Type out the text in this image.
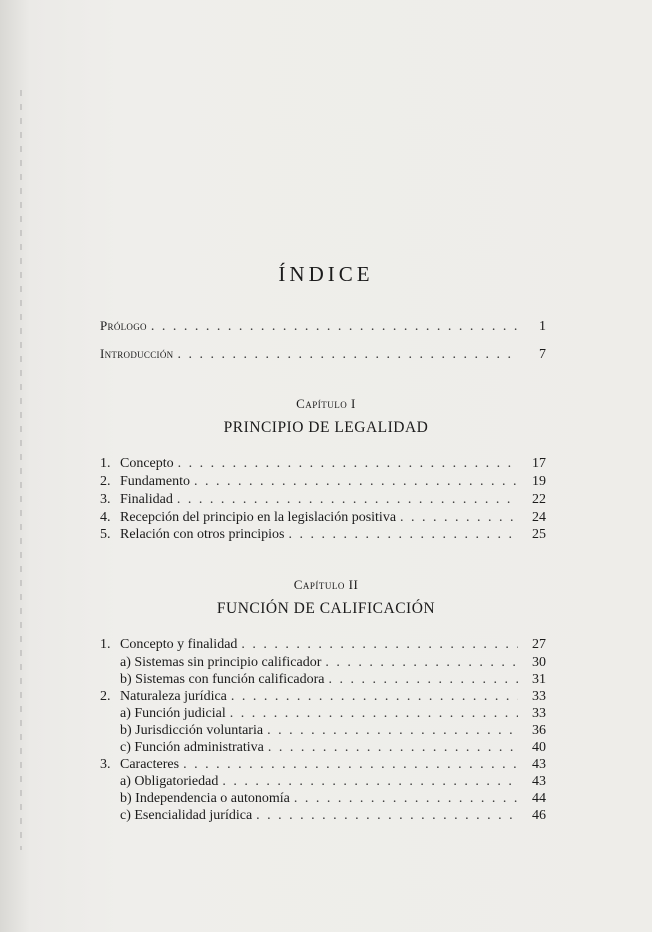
ÍNDICE
Prólogo . . .	1
Introducción . . .	7
Capítulo I
PRINCIPIO DE LEGALIDAD
1. Concepto . . .	17
2. Fundamento . . .	19
3. Finalidad . . .	22
4. Recepción del principio en la legislación positiva . . .	24
5. Relación con otros principios . . .	25
Capítulo II
FUNCIÓN DE CALIFICACIÓN
1. Concepto y finalidad . . .	27
a) Sistemas sin principio calificador . . .	30
b) Sistemas con función calificadora . . .	31
2. Naturaleza jurídica . . .	33
a) Función judicial . . .	33
b) Jurisdicción voluntaria . . .	36
c) Función administrativa . . .	40
3. Caracteres . . .	43
a) Obligatoriedad . . .	43
b) Independencia o autonomía . . .	44
c) Esencialidad jurídica . . .	46
